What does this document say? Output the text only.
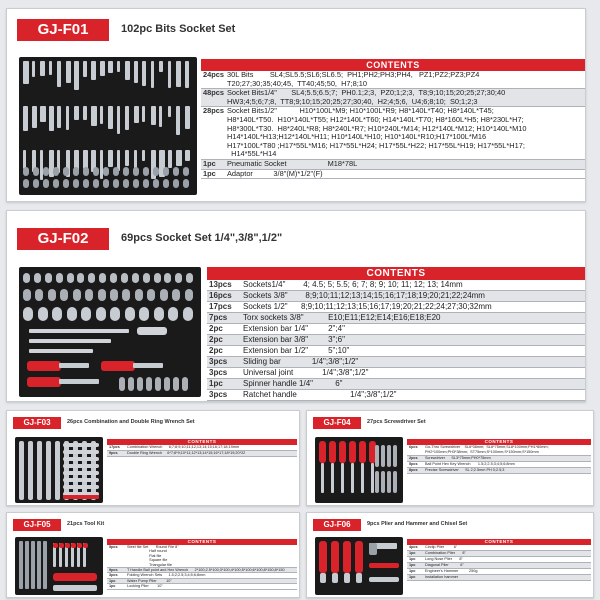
GJ-F01	102pc Bits Socket Set
CONTENTS
24pcs 30L Bits        SL4;SL5.5;SL6;SL6.5;  PH1;PH2;PH3;PH4,   PZ1;PZ2;PZ3;PZ4
T20;27;30;35;40;45,  TT40;45;50,  H7;8;10
48pcs Socket Bits1/4"       SL4;5.5;6.5;7;  PH0.1;2;3,  PZ0;1;2;3,  T8;9;10;15;20;25;27;30;40
HW3;4;5;6;7;8,  TT8;9;10;15;20;25;27;30;40,  H2;4;5;6,  U4;6;8;10;  S0;1;2;3
28pcs Socket Bits1/2"           H10*100L*M9; H10*100L*R9; H8*140L*T40; H8*140L*T45;
H8*140L*T50.  H10*140L*T55; H12*140L*T60; H14*140L*T70; H8*160L*H5; H8*230L*H7;
H8*300L*T30.  H8*240L*R8; H8*240L*R7; H10*240L*M14; H12*140L*M12; H10*140L*M10
H14*140L*H13;H12*140L*H11; H10*140L*H10; H10*140L*R10;H17*100L*M16
H17*100L*T80 ;H17*55L*M16; H17*55L*H24; H17*55L*H22; H17*55L*H19; H17*55L*H17;
H14*55L*H14
1pc	Pneumatic Socket                    M18*78L
1pc	Adaptor          3/8"(M)*1/2"(F)
GJ-F02	69pcs Socket Set 1/4",3/8",1/2"
CONTENTS
13pcs	Sockets1/4"        4; 4.5; 5; 5.5; 6; 7; 8; 9; 10; 11; 12; 13; 14mm
16pcs	Sockets 3/8"        8;9;10;11;12;13;14;15;16;17;18;19;20;21;22;24mm
17pcs	Sockets 1/2"      8;9;10;11;12;13;15;16;17;19;20;21;22;24;27;30;32mm
7pcs	Torx sockets 3/8"           E10;E11;E12;E14;E16;E18;E20
2pc	Extension bar 1/4"         2";4"
2pc	Extension bar 3/8"         3";6"
2pc	Extension bar 1/2"         5";10"
3pcs	Sliding bar              1/4";3/8";1/2"
3pcs	Universal joint             1/4";3/8";1/2"
1pc	Spinner handle 1/4"          6"
3pcs	Ratchet handle                        1/4";3/8";1/2"
GJ-F03	26pcs Combination and Double Ring Wrench Set
CONTENTS
17pcs	Combination Wrench      6;7;8;9;10;11;12;13;14;15;16;17;18;19mm
9pcs	Double Ring Wrench     6*7;8*9;10*11;12*13;14*15;16*17;18*19;20*22
GJ-F04	27pcs Screwdriver Set
CONTENTS
6pcs	Go-Thru Screwdriver    SL6*38mm;  SL6*75mm;SL8*100mm;PH1*80mm;
PH2*100mm;PH3*38mm;  ST75mm;S*100mm;S*150mm;S*150mm
2pcs	Screwdriver      SL3*75mm;PH0*75mm
5pcs	Ball Point Hex Key Wrench       1.5;2;2.5;3;4;5;6;8mm
8pcs	Precise Screwdriver      SL 2;2.5mm PH 0;2.5;3
GJ-F05	21pcs Tool Kit
CONTENTS
5pcs	Steel file Set       Round File 8"
Half round
Flat file
Square file
Triangular file
9pcs	T Handle Ball point and Hex Wrench      2*100;2.5*100;3*100;4*100;5*100;6*100;8*150;8*150
3pcs	Folding Wrench Sets      1.5;2;2.5;3;4;5;6;8mm
1pc	Water Pump Plier         10"
1pc	Locking Plier        10"
GJ-F06	9pcs Plier and Hammer and Chisel Set
CONTENTS
4pcs	Circlip Plier         6"
1pc	Combination Plier       8"
1pc	Long Nose Plier       8"
1pc	Diagonal Plier           6"
1pc	Engineer's Hammer          250g
1pc	Installation hammer
